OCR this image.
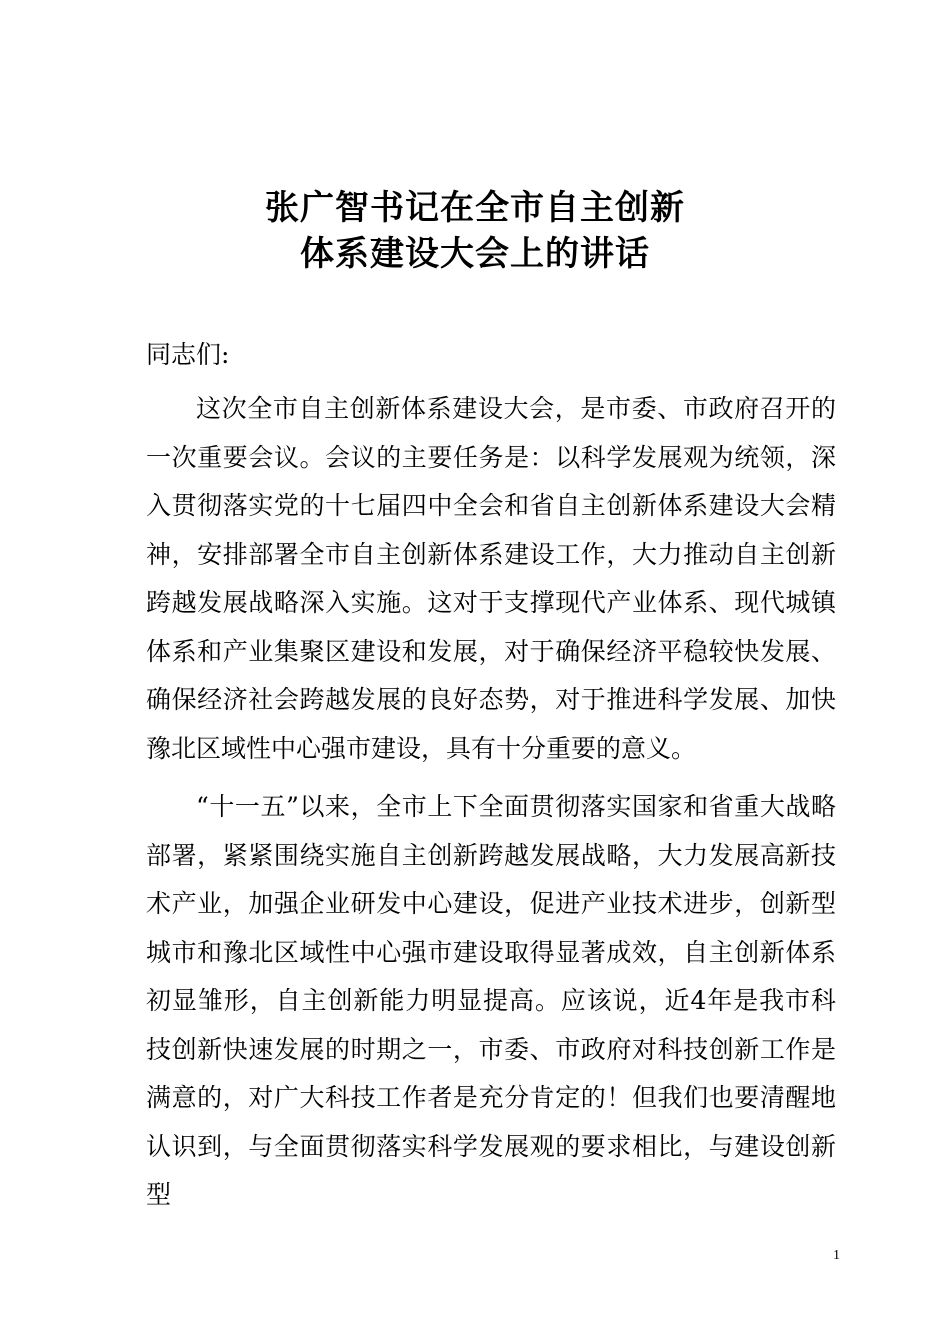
张广智书记在全市自主创新
体系建设大会上的讲话
同志们:
这次全市自主创新体系建设大会，是市委、市政府召开的一次重要会议。会议的主要任务是：以科学发展观为统领，深入贯彻落实党的十七届四中全会和省自主创新体系建设大会精神，安排部署全市自主创新体系建设工作，大力推动自主创新跨越发展战略深入实施。这对于支撑现代产业体系、现代城镇体系和产业集聚区建设和发展，对于确保经济平稳较快发展、确保经济社会跨越发展的良好态势，对于推进科学发展、加快豫北区域性中心强市建设，具有十分重要的意义。
“十一五”以来，全市上下全面贯彻落实国家和省重大战略部署，紧紧围绕实施自主创新跨越发展战略，大力发展高新技术产业，加强企业研发中心建设，促进产业技术进步，创新型城市和豫北区域性中心强市建设取得显著成效，自主创新体系初显雏形，自主创新能力明显提高。应该说，近4年是我市科技创新快速发展的时期之一，市委、市政府对科技创新工作是满意的，对广大科技工作者是充分肯定的！但我们也要清醒地认识到，与全面贯彻落实科学发展观的要求相比，与建设创新型
1
